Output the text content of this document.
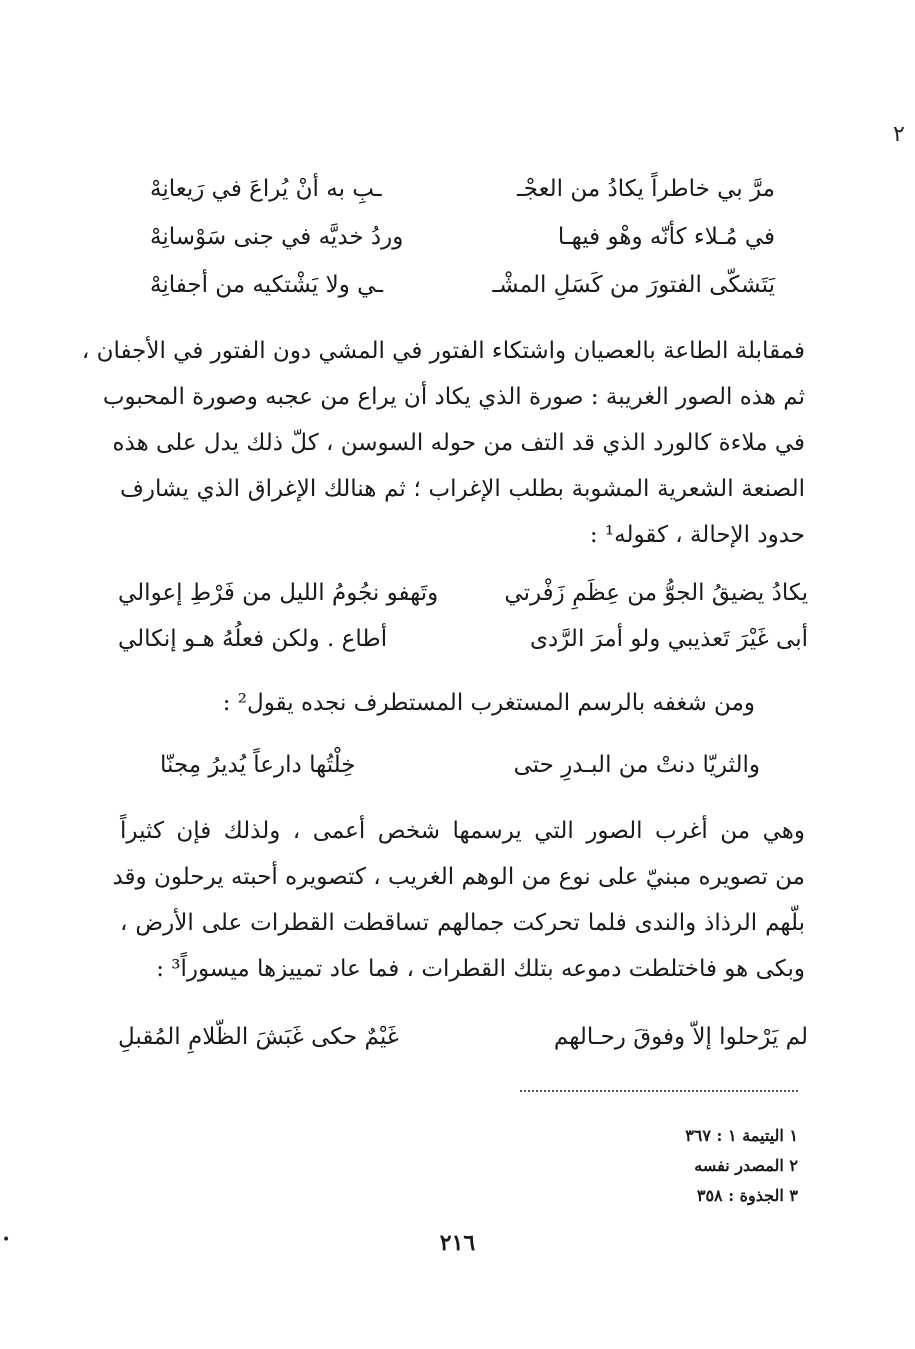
٢
•
مرَّ بي خاطراً يكادُ من العجْـ
ـبِ به أنْ يُراعَ في رَيعانِهْ
في مُـلاء كأنّه وهْو فيهـا
وردُ خديَّه في جنى سَوْسانِهْ
يَتَشكّى الفتورَ من كَسَلِ المشْـ
ـي ولا يَشْتكيه من أجفانِهْ
فمقابلة الطاعة بالعصيان واشتكاء الفتور في المشي دون الفتور في الأجفان ،
ثم هذه الصور الغريبة : صورة الذي يكاد أن يراع من عجبه وصورة المحبوب
في ملاءة كالورد الذي قد التف من حوله السوسن ، كلّ ذلك يدل على هذه
الصنعة الشعرية المشوبة بطلب الإغراب ؛ ثم هنالك الإغراق الذي يشارف
حدود الإحالة ، كقوله¹ :
يكادُ يضيقُ الجوُّ من عِظَمِ زَفْرتي
وتَهفو نجُومُ الليل من فَرْطِ إعوالي
أبى غَيْرَ تَعذيبي ولو أمرَ الرَّدى
أطاع . ولكن فعلُهُ هـو إنكالي
ومن شغفه بالرسم المستغرب المستطرف نجده يقول² :
والثريّا دنتْ من البـدرِ حتى
خِلْتُها دارعاً يُديرُ مِجنّا
وهي من أغرب الصور التي يرسمها شخص أعمى ، ولذلك فإن كثيراً
من تصويره مبنيّ على نوع من الوهم الغريب ، كتصويره أحبته يرحلون وقد
بلّهم الرذاذ والندى فلما تحركت جمالهم تساقطت القطرات على الأرض ،
وبكى هو فاختلطت دموعه بتلك القطرات ، فما عاد تمييزها ميسوراً³ :
لم يَرْحلوا إلاّ وفوقَ رحـالهم
غَيْمٌ حكى غَبَشَ الظّلامِ المُقبلِ
١ اليتيمة ١ : ٣٦٧
٢ المصدر نفسه
٣ الجذوة : ٣٥٨
٢١٦
